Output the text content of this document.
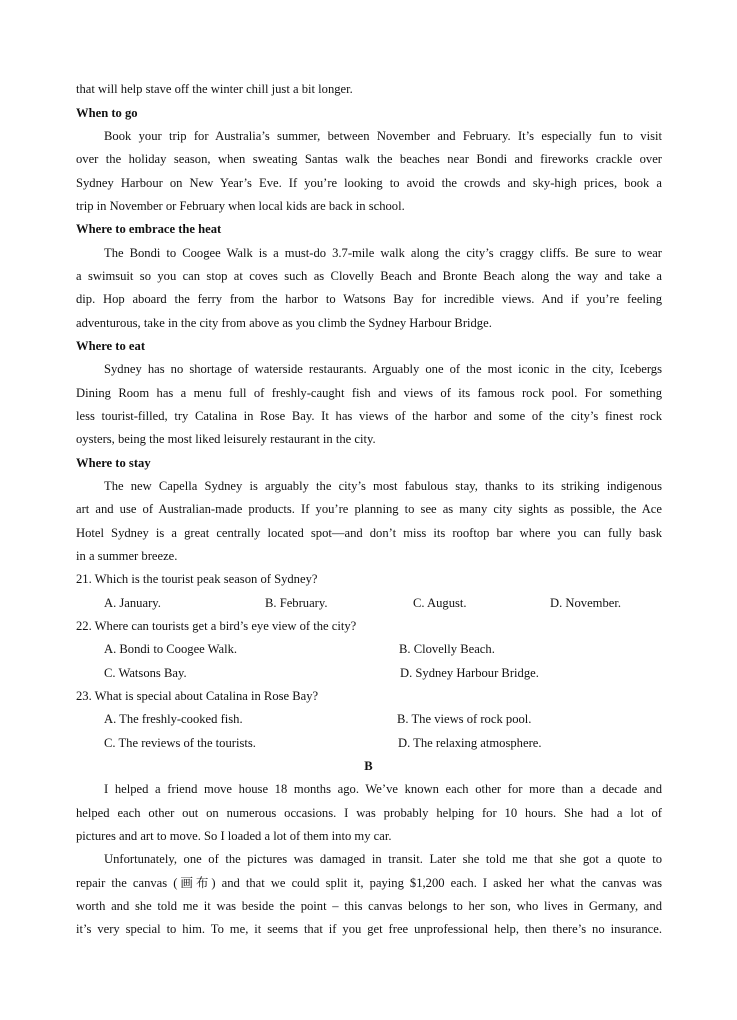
that will help stave off the winter chill just a bit longer.
When to go
Book your trip for Australia’s summer, between November and February. It’s especially fun to visit
over the holiday season, when sweating Santas walk the beaches near Bondi and fireworks crackle over
Sydney Harbour on New Year’s Eve. If you’re looking to avoid the crowds and sky-high prices, book a
trip in November or February when local kids are back in school.
Where to embrace the heat
The Bondi to Coogee Walk is a must-do 3.7-mile walk along the city’s craggy cliffs. Be sure to wear
a swimsuit so you can stop at coves such as Clovelly Beach and Bronte Beach along the way and take a
dip. Hop aboard the ferry from the harbor to Watsons Bay for incredible views. And if you’re feeling
adventurous, take in the city from above as you climb the Sydney Harbour Bridge.
Where to eat
Sydney has no shortage of waterside restaurants. Arguably one of the most iconic in the city, Icebergs
Dining Room has a menu full of freshly-caught fish and views of its famous rock pool. For something
less tourist-filled, try Catalina in Rose Bay. It has views of the harbor and some of the city’s finest rock
oysters, being the most liked leisurely restaurant in the city.
Where to stay
The new Capella Sydney is arguably the city’s most fabulous stay, thanks to its striking indigenous
art and use of Australian-made products. If you’re planning to see as many city sights as possible, the Ace
Hotel Sydney is a great centrally located spot—and don’t miss its rooftop bar where you can fully bask
in a summer breeze.
21. Which is the tourist peak season of Sydney?
A. January.	B. February.	C. August.	D. November.
22. Where can tourists get a bird’s eye view of the city?
A. Bondi to Coogee Walk.	B. Clovelly Beach.
C. Watsons Bay.	D. Sydney Harbour Bridge.
23. What is special about Catalina in Rose Bay?
A. The freshly-cooked fish.	B. The views of rock pool.
C. The reviews of the tourists.	D. The relaxing atmosphere.
B
I helped a friend move house 18 months ago. We’ve known each other for more than a decade and
helped each other out on numerous occasions. I was probably helping for 10 hours. She had a lot of
pictures and art to move. So I loaded a lot of them into my car.
Unfortunately, one of the pictures was damaged in transit. Later she told me that she got a quote to
repair the canvas (画布) and that we could split it, paying $1,200 each. I asked her what the canvas was
worth and she told me it was beside the point – this canvas belongs to her son, who lives in Germany, and
it’s very special to him. To me, it seems that if you get free unprofessional help, then there’s no insurance.
